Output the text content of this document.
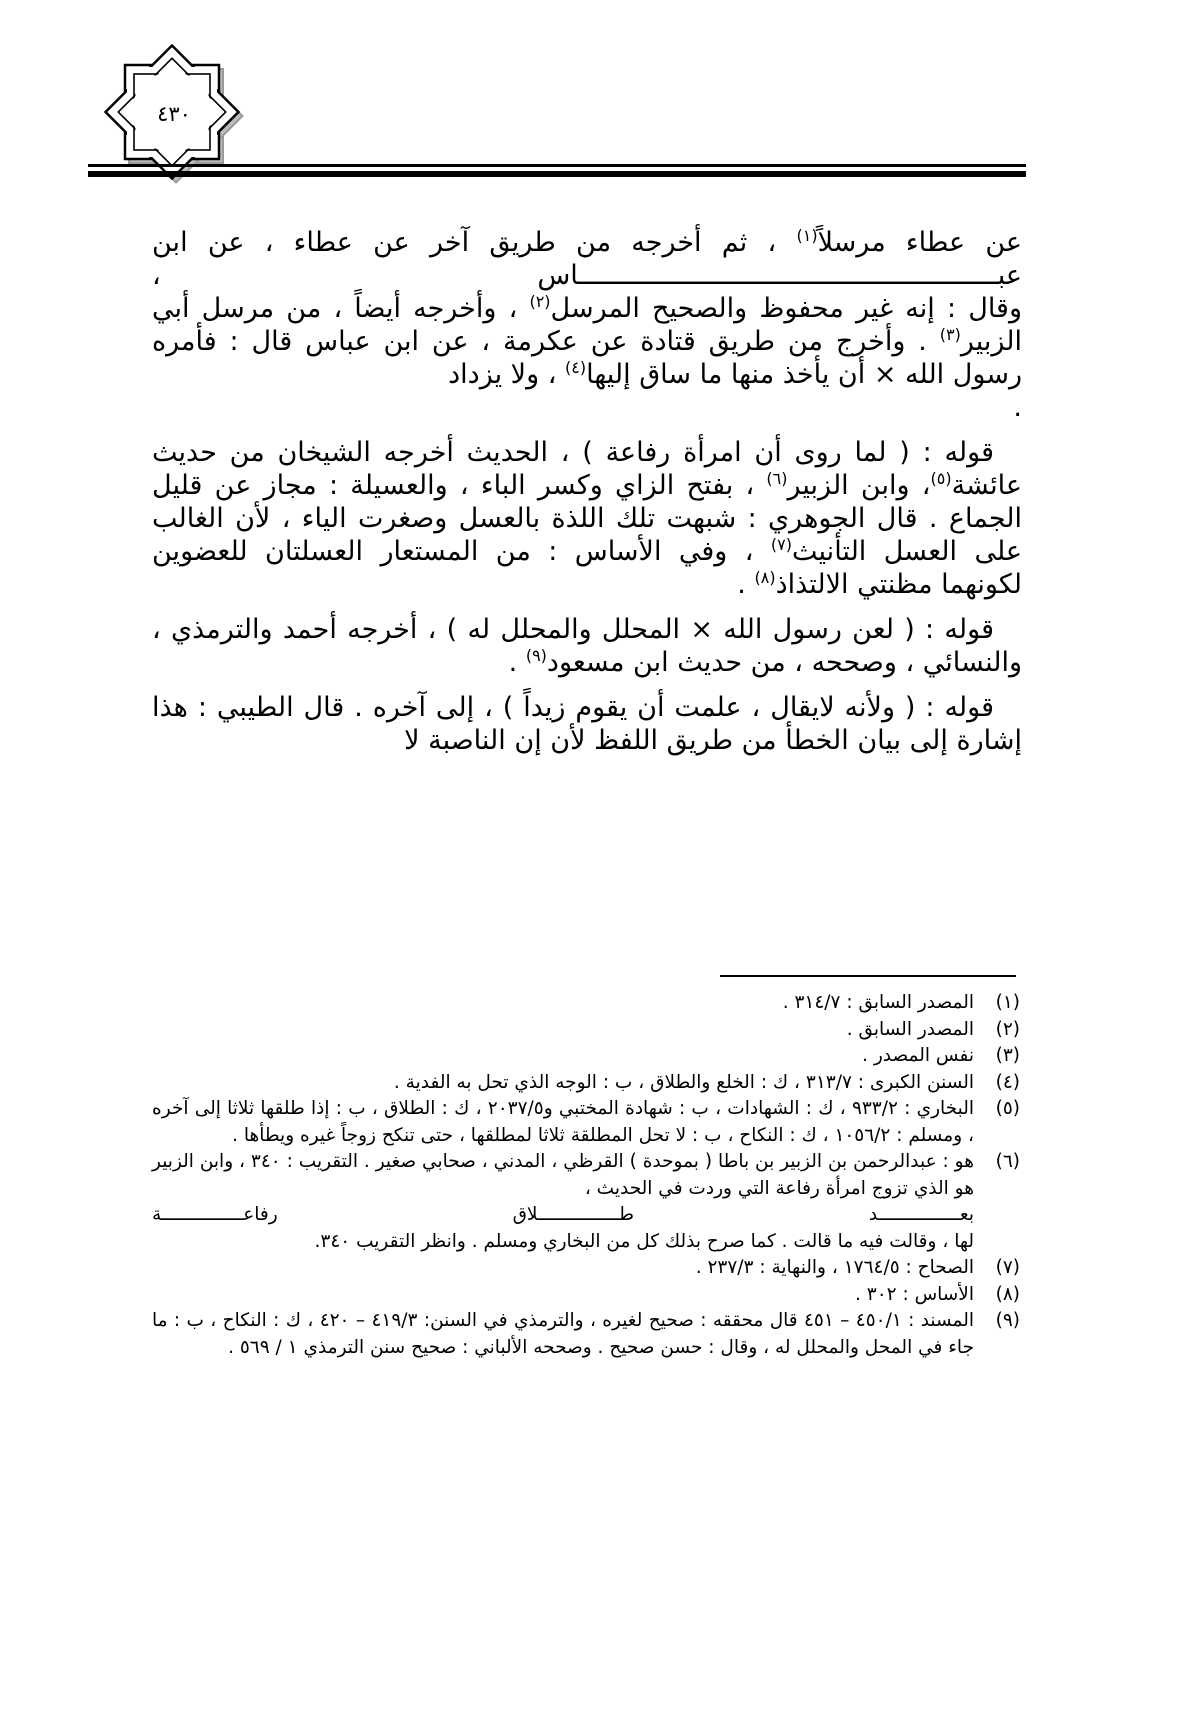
٤٣٠

عن عطاء مرسلاً$^{(١)}$ ، ثم أخرجه من طريق آخر عن عطاء ، عن ابن
عبـــــــــــــــــــــــــــــــــــــــــــــــــــــاس ،

وقال : إنه غير محفوظ والصحيح المرسل$^{(٢)}$ ، وأخرجه أيضاً ، من مرسل أبي الزبير$^{(٣)}$ . وأخرج من طريق قتادة عن عكرمة ، عن ابن عباس قال : فأمره رسول الله × أن يأخذ منها ما ساق إليها$^{(٤)}$ ، ولا يزداد
.

قوله : ( لما روى أن امرأة رفاعة ) ، الحديث أخرجه الشيخان من حديث عائشة$^{(٥)}$، وابن الزبير$^{(٦)}$ ، بفتح الزاي وكسر الباء ، والعسيلة : مجاز عن قليل الجماع . قال الجوهري : شبهت تلك اللذة بالعسل وصغرت الياء ، لأن الغالب على العسل التأنيث$^{(٧)}$ ، وفي الأساس : من المستعار العسلتان للعضوين لكونهما مظنتي الالتذاذ$^{(٨)}$ .

قوله : ( لعن رسول الله × المحلل والمحلل له ) ، أخرجه أحمد والترمذي ، والنسائي ، وصححه ، من حديث ابن مسعود$^{(٩)}$ .

قوله : ( ولأنه لايقال ، علمت أن يقوم زيداً ) ، إلى آخره . قال الطيبي : هذا إشارة إلى بيان الخطأ من طريق اللفظ لأن إن الناصبة لا

(١)
المصدر السابق : ٣١٤/٧ .
(٢)
المصدر السابق .
(٣)
نفس المصدر .
(٤)
السنن الكبرى : ٣١٣/٧ ، ك : الخلع والطلاق ، ب : الوجه الذي تحل به الفدية .
(٥)
البخاري : ٩٣٣/٢ ، ك : الشهادات ، ب : شهادة المختبي و٢٠٣٧/٥ ، ك : الطلاق ، ب : إذا طلقها ثلاثا إلى آخره ، ومسلم : ١٠٥٦/٢ ، ك : النكاح ، ب : لا تحل المطلقة ثلاثا لمطلقها ، حتى تنكح زوجاً غيره ويطأها .
(٦)
هو : عبدالرحمن بن الزبير بن باطا ( بموحدة ) القرظي ، المدني ، صحابي صغير . التقريب : ٣٤٠ ، وابن الزبير هو الذي تزوج امرأة رفاعة التي وردت في الحديث ،
بعـــــــــــــــد طـــــــــــــــلاق رفاعـــــــــــــــة
لها ، وقالت فيه ما قالت . كما صرح بذلك كل من البخاري ومسلم . وانظر التقريب ٣٤٠.
(٧)
الصحاح : ١٧٦٤/٥ ، والنهاية : ٢٣٧/٣ .
(٨)
الأساس : ٣٠٢ .
(٩)
المسند : ٤٥٠/١ – ٤٥١ قال محققه : صحيح لغيره ، والترمذي في السنن: ٤١٩/٣ – ٤٢٠ ، ك : النكاح ، ب : ما جاء في المحل والمحلل له ، وقال : حسن صحيح . وصححه الألباني : صحيح سنن الترمذي ١ / ٥٦٩ .
